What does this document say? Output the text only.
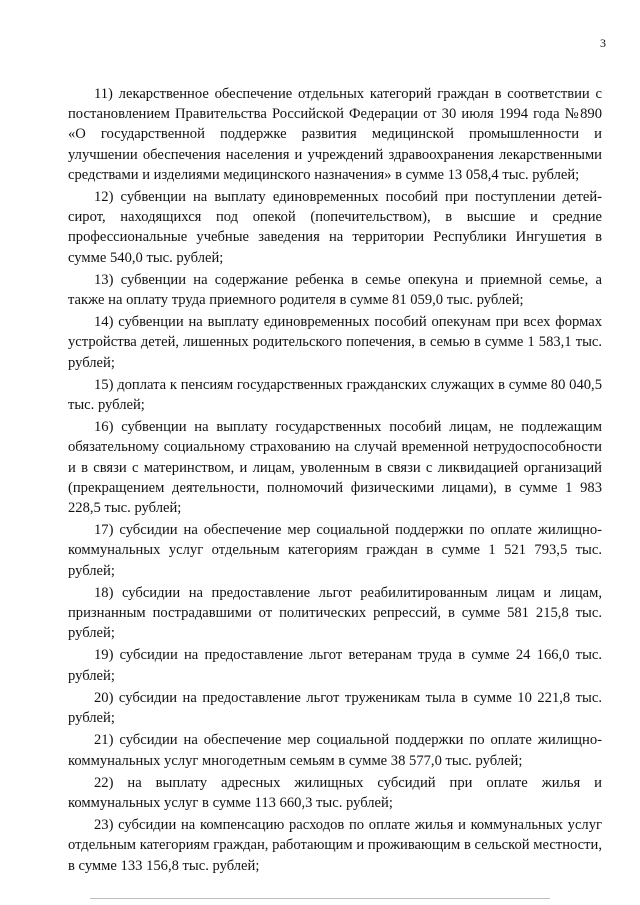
3

11) лекарственное обеспечение отдельных категорий граждан в соответствии с постановлением Правительства Российской Федерации от 30 июля 1994 года №890 «О государственной поддержке развития медицинской промышленности и улучшении обеспечения населения и учреждений здравоохранения лекарственными средствами и изделиями медицинского назначения» в сумме 13 058,4 тыс. рублей;

12) субвенции на выплату единовременных пособий при поступлении детей-сирот, находящихся под опекой (попечительством), в высшие и средние профессиональные учебные заведения на территории Республики Ингушетия в сумме 540,0 тыс. рублей;

13) субвенции на содержание ребенка в семье опекуна и приемной семье, а также на оплату труда приемного родителя в сумме 81 059,0 тыс. рублей;

14) субвенции на выплату единовременных пособий опекунам при всех формах устройства детей, лишенных родительского попечения, в семью в сумме 1 583,1 тыс. рублей;

15) доплата к пенсиям государственных гражданских служащих в сумме 80 040,5 тыс. рублей;

16) субвенции на выплату государственных пособий лицам, не подлежащим обязательному социальному страхованию на случай временной нетрудоспособности и в связи с материнством, и лицам, уволенным в связи с ликвидацией организаций (прекращением деятельности, полномочий физическими лицами), в сумме 1 983 228,5 тыс. рублей;

17) субсидии на обеспечение мер социальной поддержки по оплате жилищно-коммунальных услуг отдельным категориям граждан в сумме 1 521 793,5 тыс. рублей;

18) субсидии на предоставление льгот реабилитированным лицам и лицам, признанным пострадавшими от политических репрессий, в сумме 581 215,8 тыс. рублей;

19) субсидии на предоставление льгот ветеранам труда в сумме 24 166,0 тыс. рублей;

20) субсидии на предоставление льгот труженикам тыла в сумме 10 221,8 тыс. рублей;

21) субсидии на обеспечение мер социальной поддержки по оплате жилищно-коммунальных услуг многодетным семьям в сумме 38 577,0 тыс. рублей;

22) на выплату адресных жилищных субсидий при оплате жилья и коммунальных услуг в сумме 113 660,3 тыс. рублей;

23) субсидии на компенсацию расходов по оплате жилья и коммунальных услуг отдельным категориям граждан, работающим и проживающим в сельской местности, в сумме 133 156,8 тыс. рублей;
